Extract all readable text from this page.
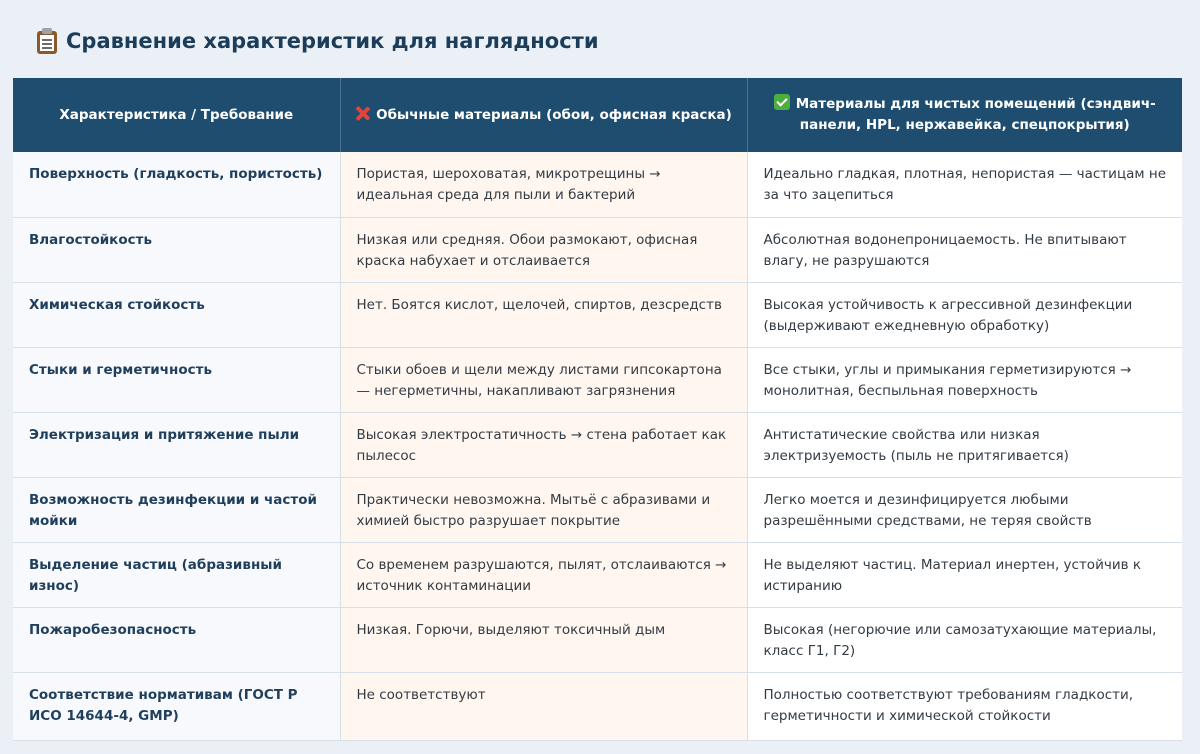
Сравнение характеристик для наглядности
Характеристика / Требование	Обычные материалы (обои, офисная краска)	Материалы для чистых помещений (сэндвич-панели, HPL, нержавейка, спецпокрытия)
Поверхность (гладкость, пористость)	Пористая, шероховатая, микротрещины → идеальная среда для пыли и бактерий	Идеально гладкая, плотная, непористая — частицам не за что зацепиться
Влагостойкость	Низкая или средняя. Обои размокают, офисная краска набухает и отслаивается	Абсолютная водонепроницаемость. Не впитывают влагу, не разрушаются
Химическая стойкость	Нет. Боятся кислот, щелочей, спиртов, дезсредств	Высокая устойчивость к агрессивной дезинфекции (выдерживают ежедневную обработку)
Стыки и герметичность	Стыки обоев и щели между листами гипсокартона — негерметичны, накапливают загрязнения	Все стыки, углы и примыкания герметизируются → монолитная, беспыльная поверхность
Электризация и притяжение пыли	Высокая электростатичность → стена работает как пылесос	Антистатические свойства или низкая электризуемость (пыль не притягивается)
Возможность дезинфекции и частой мойки	Практически невозможна. Мытьё с абразивами и химией быстро разрушает покрытие	Легко моется и дезинфицируется любыми разрешёнными средствами, не теряя свойств
Выделение частиц (абразивный износ)	Со временем разрушаются, пылят, отслаиваются → источник контаминации	Не выделяют частиц. Материал инертен, устойчив к истиранию
Пожаробезопасность	Низкая. Горючи, выделяют токсичный дым	Высокая (негорючие или самозатухающие материалы, класс Г1, Г2)
Соответствие нормативам (ГОСТ Р ИСО 14644-4, GMP)	Не соответствуют	Полностью соответствуют требованиям гладкости, герметичности и химической стойкости
